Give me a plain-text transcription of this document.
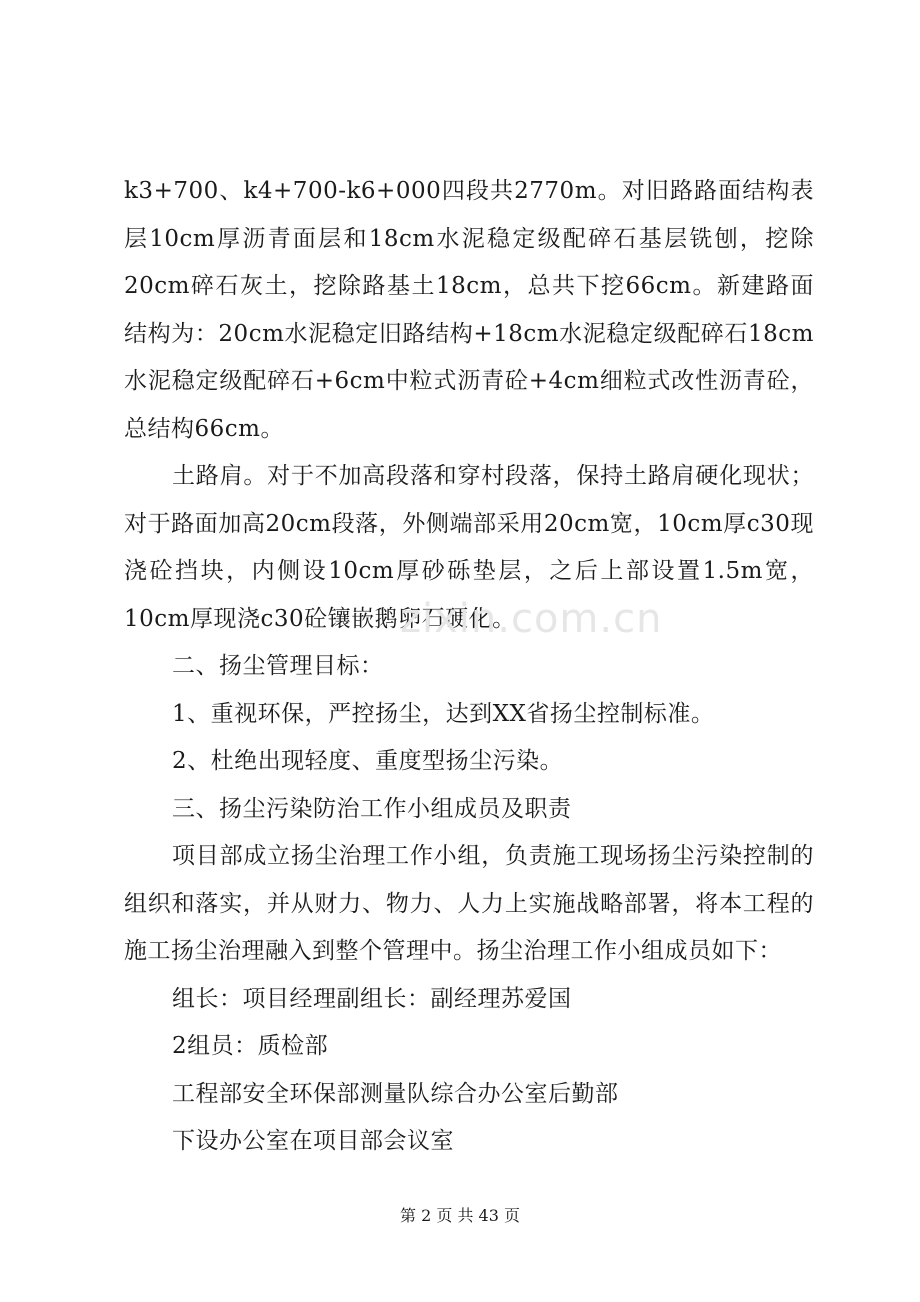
k3+700、k4+700-k6+000四段共2770m。对旧路路面结构表层10cm厚沥青面层和18cm水泥稳定级配碎石基层铣刨，挖除20cm碎石灰土，挖除路基土18cm，总共下挖66cm。新建路面结构为：20cm水泥稳定旧路结构+18cm水泥稳定级配碎石18cm水泥稳定级配碎石+6cm中粒式沥青砼+4cm细粒式改性沥青砼，总结构66cm。

土路肩。对于不加高段落和穿村段落，保持土路肩硬化现状；对于路面加高20cm段落，外侧端部采用20cm宽，10cm厚c30现浇砼挡块，内侧设10cm厚砂砾垫层，之后上部设置1.5m宽，10cm厚现浇c30砼镶嵌鹅卵石硬化。

二、扬尘管理目标：

1、重视环保，严控扬尘，达到XX省扬尘控制标准。

2、杜绝出现轻度、重度型扬尘污染。

三、扬尘污染防治工作小组成员及职责

项目部成立扬尘治理工作小组，负责施工现场扬尘污染控制的组织和落实，并从财力、物力、人力上实施战略部署，将本工程的施工扬尘治理融入到整个管理中。扬尘治理工作小组成员如下：

组长：项目经理副组长：副经理苏爱国

2组员：质检部

工程部安全环保部测量队综合办公室后勤部

下设办公室在项目部会议室

zixin.com.cn
第 2 页 共 43 页
